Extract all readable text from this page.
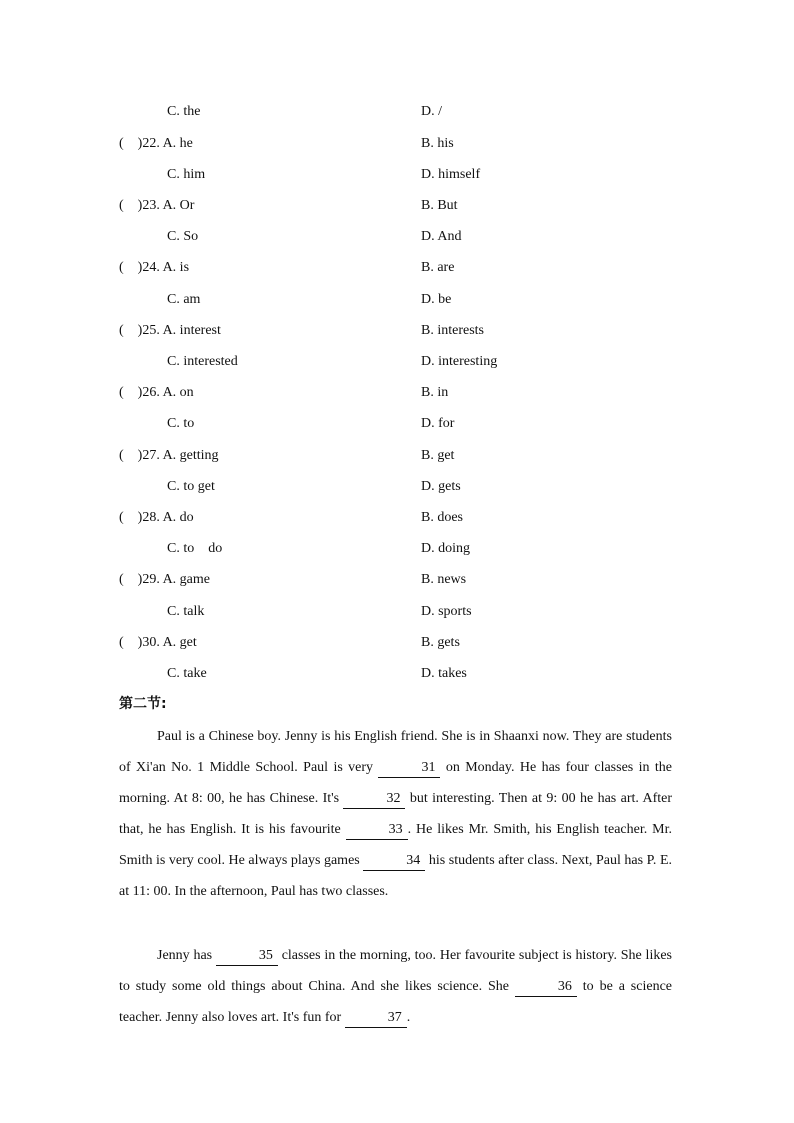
C. the	D. /
(　)22. A. he	B. his
C. him	D. himself
(　)23. A. Or	B. But
C. So	D. And
(　)24. A. is	B. are
C. am	D. be
(　)25. A. interest	B. interests
C. interested	D. interesting
(　)26. A. on	B. in
C. to	D. for
(　)27. A. getting	B. get
C. to get	D. gets
(　)28. A. do	B. does
C. to　do	D. doing
(　)29. A. game	B. news
C. talk	D. sports
(　)30. A. get	B. gets
C. take	D. takes
第二节:
Paul is a Chinese boy. Jenny is his English friend. She is in Shaanxi now. They are students of Xi'an No. 1 Middle School. Paul is very	31 on Monday. He has four classes in the morning. At 8: 00, he has Chinese. It's	32 but interesting. Then at 9: 00 he has art. After that, he has English. It is his favourite	33 . He likes Mr. Smith, his English teacher. Mr. Smith is very cool. He always plays games	34 his students after class. Next, Paul has P. E. at 11: 00. In the afternoon, Paul has two classes.
Jenny has	35 classes in the morning, too. Her favourite subject is history. She likes to study some old things about China. And she likes science. She	36 to be a science teacher. Jenny also loves art. It's fun for	37 .
